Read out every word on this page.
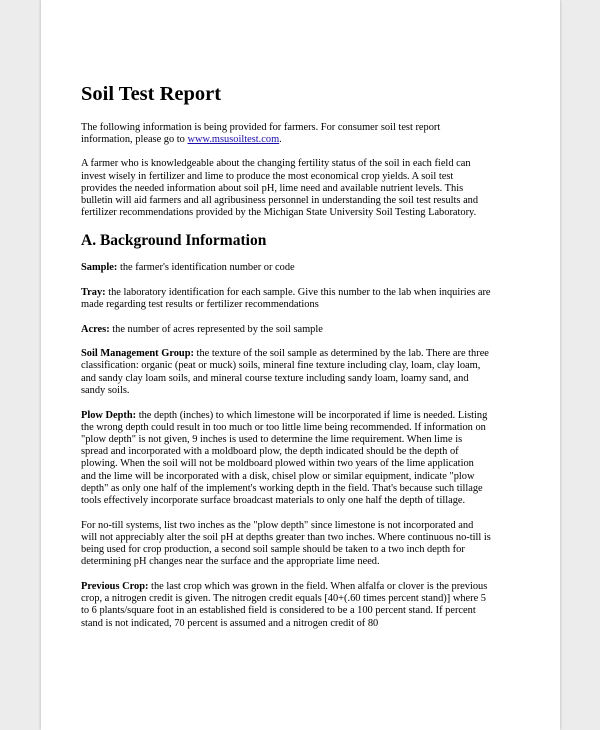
Soil Test Report

The following information is being provided for farmers. For consumer soil test report information, please go to www.msusoiltest.com.

A farmer who is knowledgeable about the changing fertility status of the soil in each field can invest wisely in fertilizer and lime to produce the most economical crop yields. A soil test provides the needed information about soil pH, lime need and available nutrient levels. This bulletin will aid farmers and all agribusiness personnel in understanding the soil test results and fertilizer recommendations provided by the Michigan State University Soil Testing Laboratory.

A. Background Information

Sample: the farmer's identification number or code

Tray: the laboratory identification for each sample. Give this number to the lab when inquiries are made regarding test results or fertilizer recommendations

Acres: the number of acres represented by the soil sample

Soil Management Group: the texture of the soil sample as determined by the lab. There are three classification: organic (peat or muck) soils, mineral fine texture including clay, loam, clay loam, and sandy clay loam soils, and mineral course texture including sandy loam, loamy sand, and sandy soils.

Plow Depth: the depth (inches) to which limestone will be incorporated if lime is needed. Listing the wrong depth could result in too much or too little lime being recommended. If information on "plow depth" is not given, 9 inches is used to determine the lime requirement. When lime is spread and incorporated with a moldboard plow, the depth indicated should be the depth of plowing. When the soil will not be moldboard plowed within two years of the lime application and the lime will be incorporated with a disk, chisel plow or similar equipment, indicate "plow depth" as only one half of the implement's working depth in the field. That's because such tillage tools effectively incorporate surface broadcast materials to only one half the depth of tillage.

For no-till systems, list two inches as the "plow depth" since limestone is not incorporated and will not appreciably alter the soil pH at depths greater than two inches. Where continuous no-till is being used for crop production, a second soil sample should be taken to a two inch depth for determining pH changes near the surface and the appropriate lime need.

Previous Crop: the last crop which was grown in the field. When alfalfa or clover is the previous crop, a nitrogen credit is given. The nitrogen credit equals [40+(.60 times percent stand)] where 5 to 6 plants/square foot in an established field is considered to be a 100 percent stand. If percent stand is not indicated, 70 percent is assumed and a nitrogen credit of 80
